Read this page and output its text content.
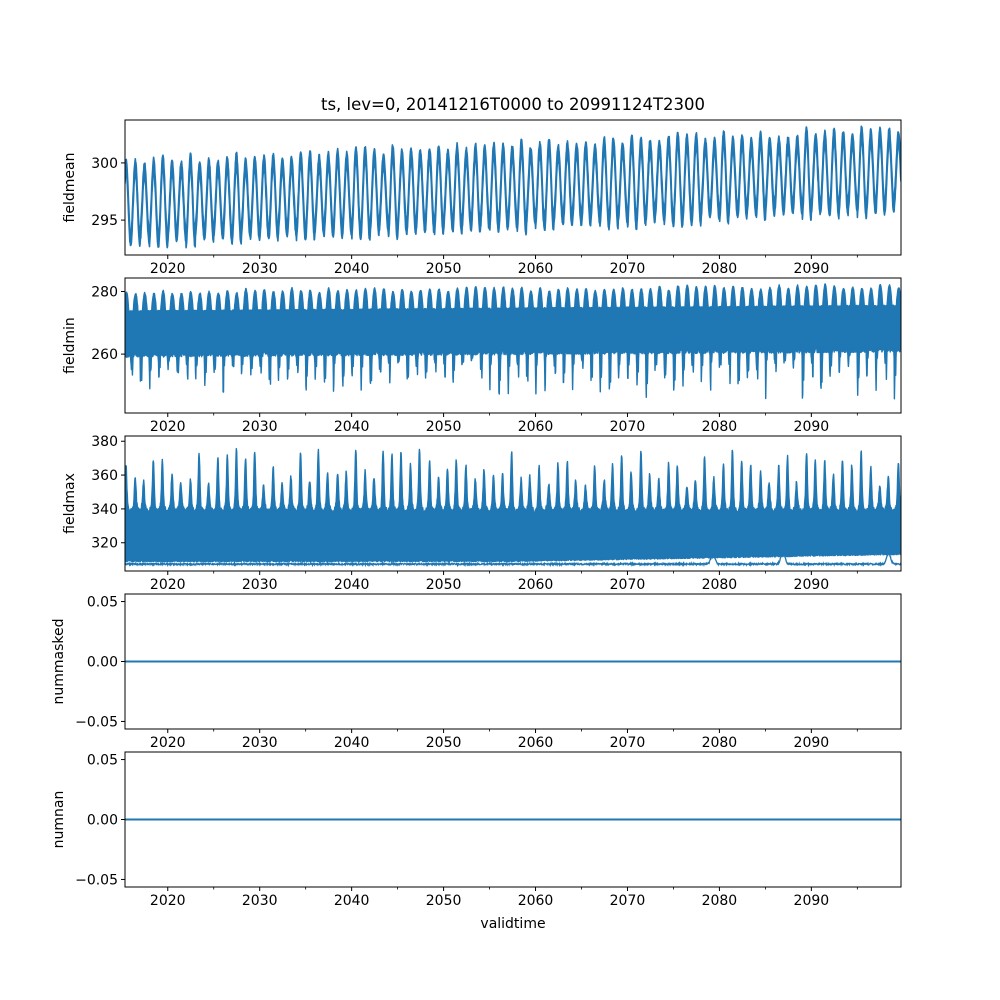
ts, lev=0, 20141216T0000 to 20991124T2300
2020	2030	2040	2050	2060	2070	2080	2090
300
295
fieldmean
2020	2030	2040	2050	2060	2070	2080	2090
280
260
fieldmin
2020	2030	2040	2050	2060	2070	2080	2090
380
360
340
320
fieldmax
2020	2030	2040	2050	2060	2070	2080	2090
0.05
0.00
−0.05
nummasked
2020	2030	2040	2050	2060	2070	2080	2090
0.05
0.00
−0.05
numnan
validtime
